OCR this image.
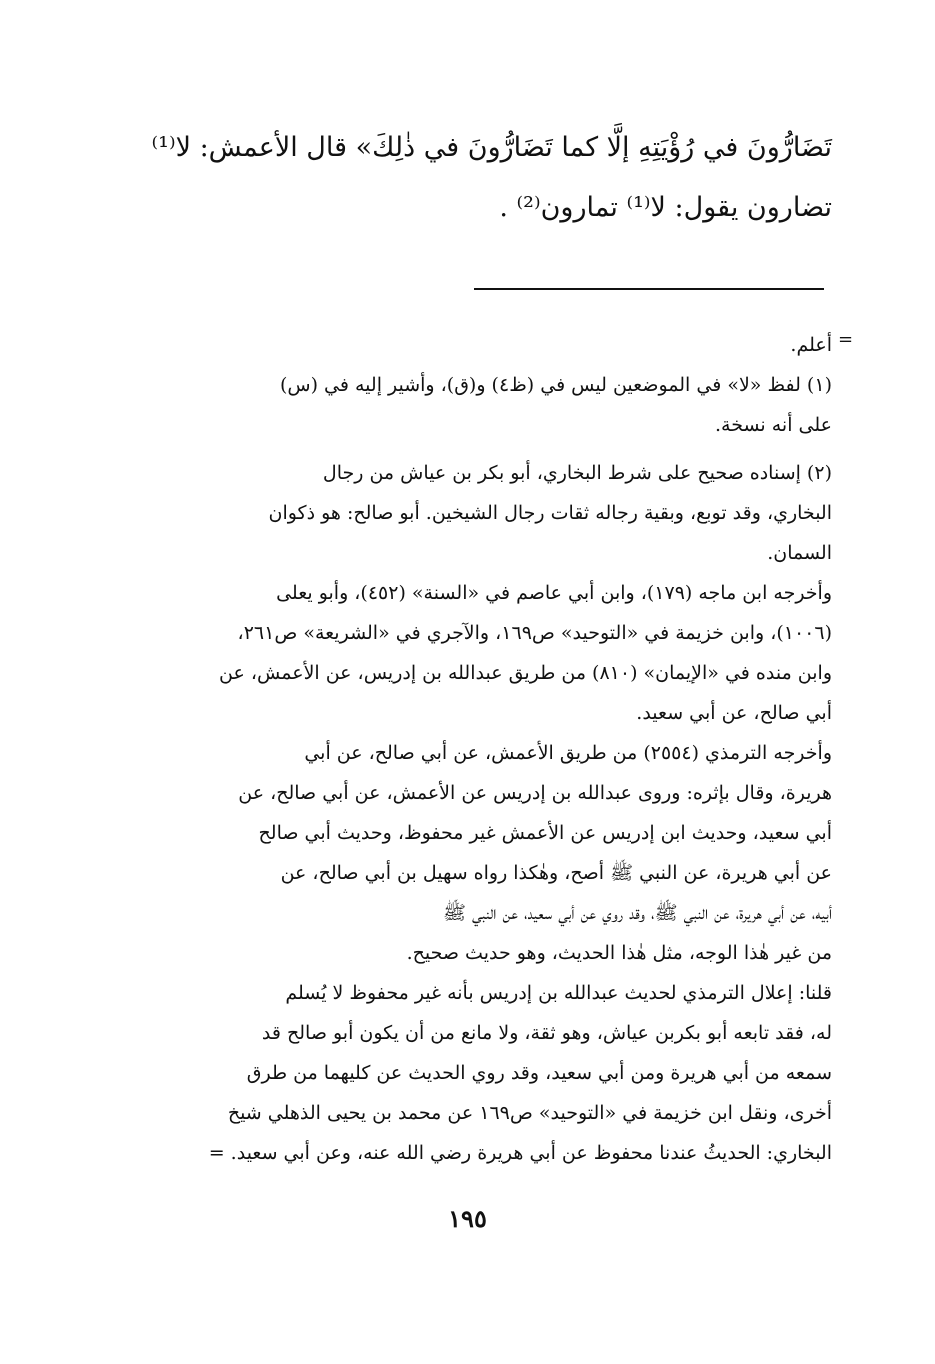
تَضَارُّونَ في رُؤْيَتِهِ إلَّا كما تَضَارُّونَ في ذٰلِكَ» قال الأعمش: لا⁽¹⁾
تضارون يقول: لا⁽¹⁾ تمارون⁽²⁾ .
=
أعلم.
(١) لفظ «لا» في الموضعين ليس في (ظ٤) و(ق)، وأشير إليه في (س)
على أنه نسخة.
(٢) إسناده صحيح على شرط البخاري، أبو بكر بن عياش من رجال
البخاري، وقد توبع، وبقية رجاله ثقات رجال الشيخين. أبو صالح: هو ذكوان
السمان.
وأخرجه ابن ماجه (١٧٩)، وابن أبي عاصم في «السنة» (٤٥٢)، وأبو يعلى
(١٠٠٦)، وابن خزيمة في «التوحيد» ص١٦٩، والآجري في «الشريعة» ص٢٦١،
وابن منده في «الإيمان» (٨١٠) من طريق عبدالله بن إدريس، عن الأعمش، عن
أبي صالح، عن أبي سعيد.
وأخرجه الترمذي (٢٥٥٤) من طريق الأعمش، عن أبي صالح، عن أبي
هريرة، وقال بإثره: وروى عبدالله بن إدريس عن الأعمش، عن أبي صالح، عن
أبي سعيد، وحديث ابن إدريس عن الأعمش غير محفوظ، وحديث أبي صالح
عن أبي هريرة، عن النبي ﷺ أصح، وهٰكذا رواه سهيل بن أبي صالح، عن
أبيه، عن أبي هريرة، عن النبي ﷺ، وقد روي عن أبي سعيد، عن النبي ﷺ
من غير هٰذا الوجه، مثل هٰذا الحديث، وهو حديث صحيح.
قلنا: إعلال الترمذي لحديث عبدالله بن إدريس بأنه غير محفوظ لا يُسلم
له، فقد تابعه أبو بكربن عياش، وهو ثقة، ولا مانع من أن يكون أبو صالح قد
سمعه من أبي هريرة ومن أبي سعيد، وقد روي الحديث عن كليهما من طرق
أخرى، ونقل ابن خزيمة في «التوحيد» ص١٦٩ عن محمد بن يحيى الذهلي شيخ
البخاري: الحديثُ عندنا محفوظ عن أبي هريرة رضي الله عنه، وعن أبي سعيد. =
١٩٥
